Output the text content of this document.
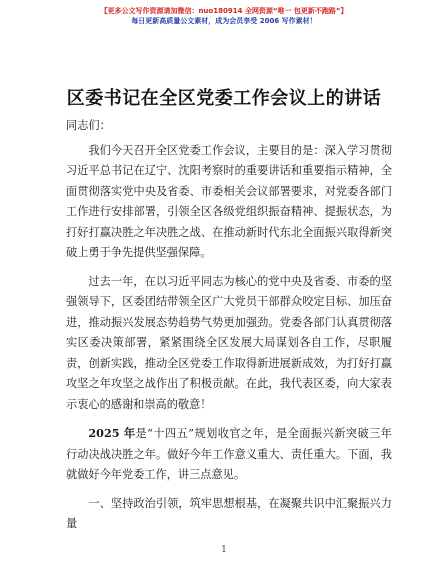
【更多公文写作资源请加微信：nuo180914 全网资源“唯一 包更新不跑路”】
每日更新高质量公文素材，成为会员享受 2006 写作素材！
区委书记在全区党委工作会议上的讲话

同志们：

我们今天召开全区党委工作会议，主要目的是：深入学习贯彻习近平总书记在辽宁、沈阳考察时的重要讲话和重要指示精神，全面贯彻落实党中央及省委、市委相关会议部署要求，对党委各部门工作进行安排部署，引领全区各级党组织振奋精神、提振状态，为打好打赢决胜之年决胜之战、在推动新时代东北全面振兴取得新突破上勇于争先提供坚强保障。

过去一年，在以习近平同志为核心的党中央及省委、市委的坚强领导下，区委团结带领全区广大党员干部群众咬定目标、加压奋进，推动振兴发展态势趋势气势更加强劲。党委各部门认真贯彻落实区委决策部署，紧紧围绕全区发展大局谋划各自工作，尽职履责，创新实践，推动全区党委工作取得新进展新成效，为打好打赢攻坚之年攻坚之战作出了积极贡献。在此，我代表区委，向大家表示衷心的感谢和崇高的敬意！

2025 年是“十四五”规划收官之年，是全面振兴新突破三年行动决战决胜之年。做好今年工作意义重大、责任重大。下面，我就做好今年党委工作，讲三点意见。

一、坚持政治引领，筑牢思想根基，在凝聚共识中汇聚振兴力量

1
